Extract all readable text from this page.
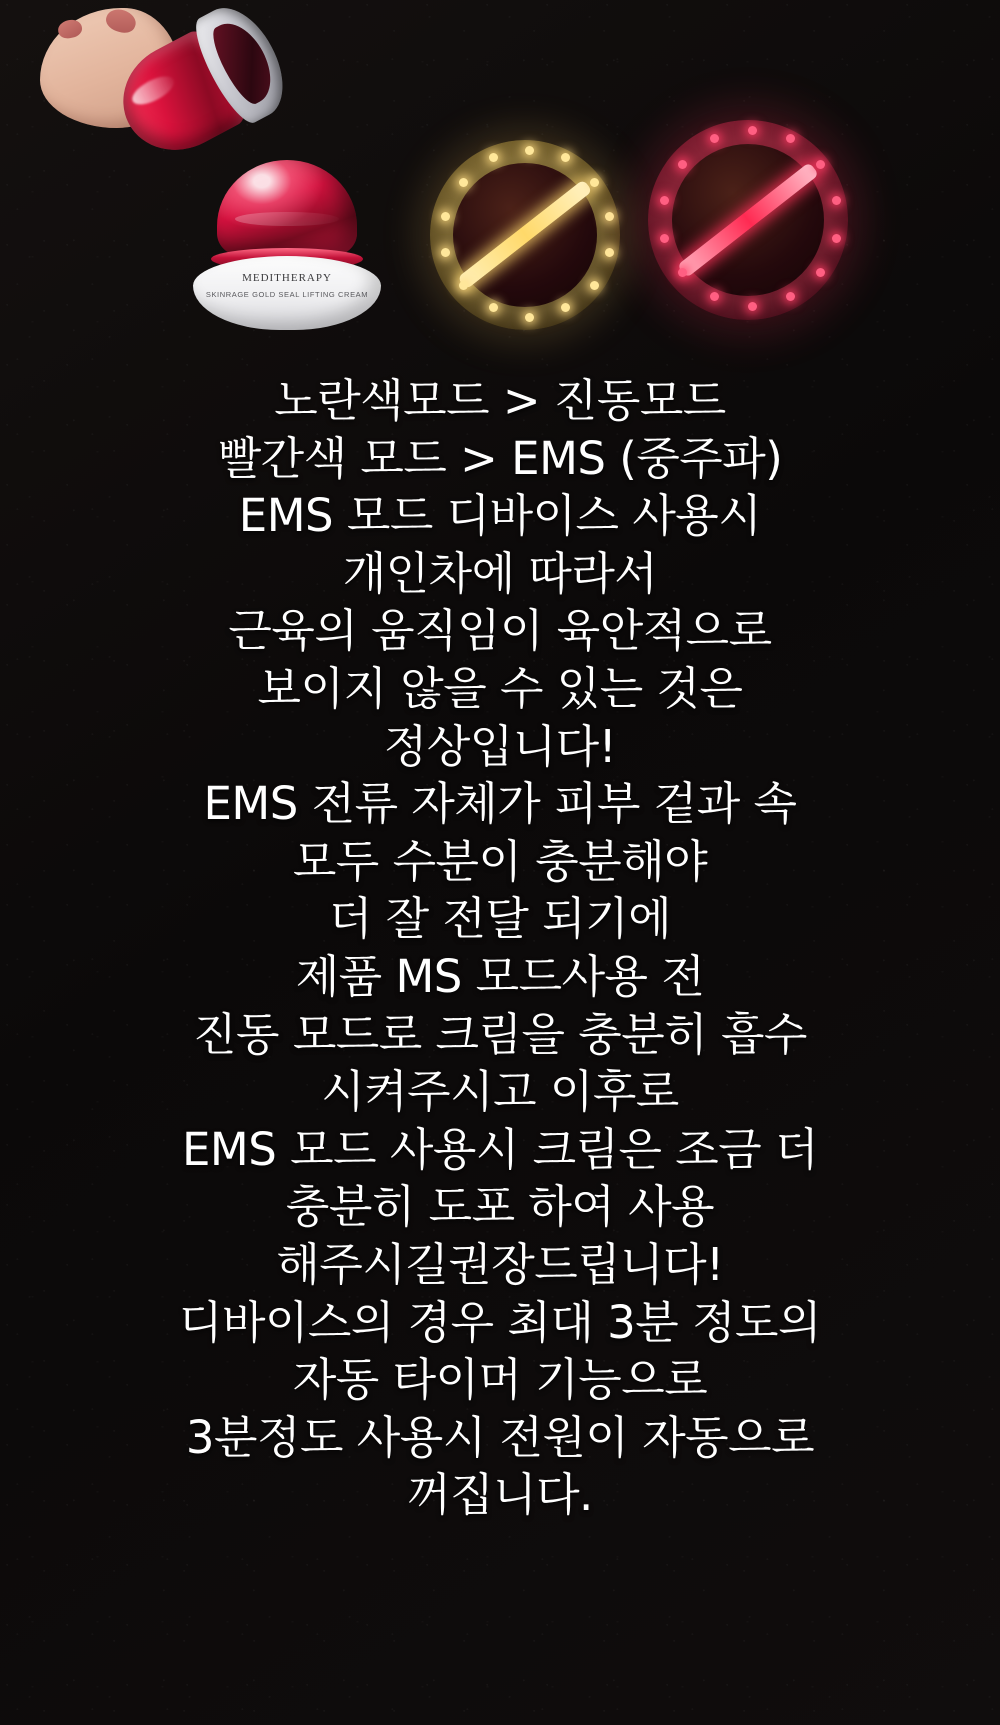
MEDITHERAPY
SKINRAGE GOLD SEAL LIFTING CREAM
노란색모드 > 진동모드
빨간색 모드 > EMS (중주파)
EMS 모드 디바이스 사용시
개인차에 따라서
근육의 움직임이 육안적으로
보이지 않을 수 있는 것은
정상입니다!
EMS 전류 자체가 피부 겉과 속
모두 수분이 충분해야
더 잘 전달 되기에
제품 MS 모드사용 전
진동 모드로 크림을 충분히 흡수
시켜주시고 이후로
EMS 모드 사용시 크림은 조금 더
충분히 도포 하여 사용
해주시길권장드립니다!
디바이스의 경우 최대 3분 정도의
자동 타이머 기능으로
3분정도 사용시 전원이 자동으로
꺼집니다.
